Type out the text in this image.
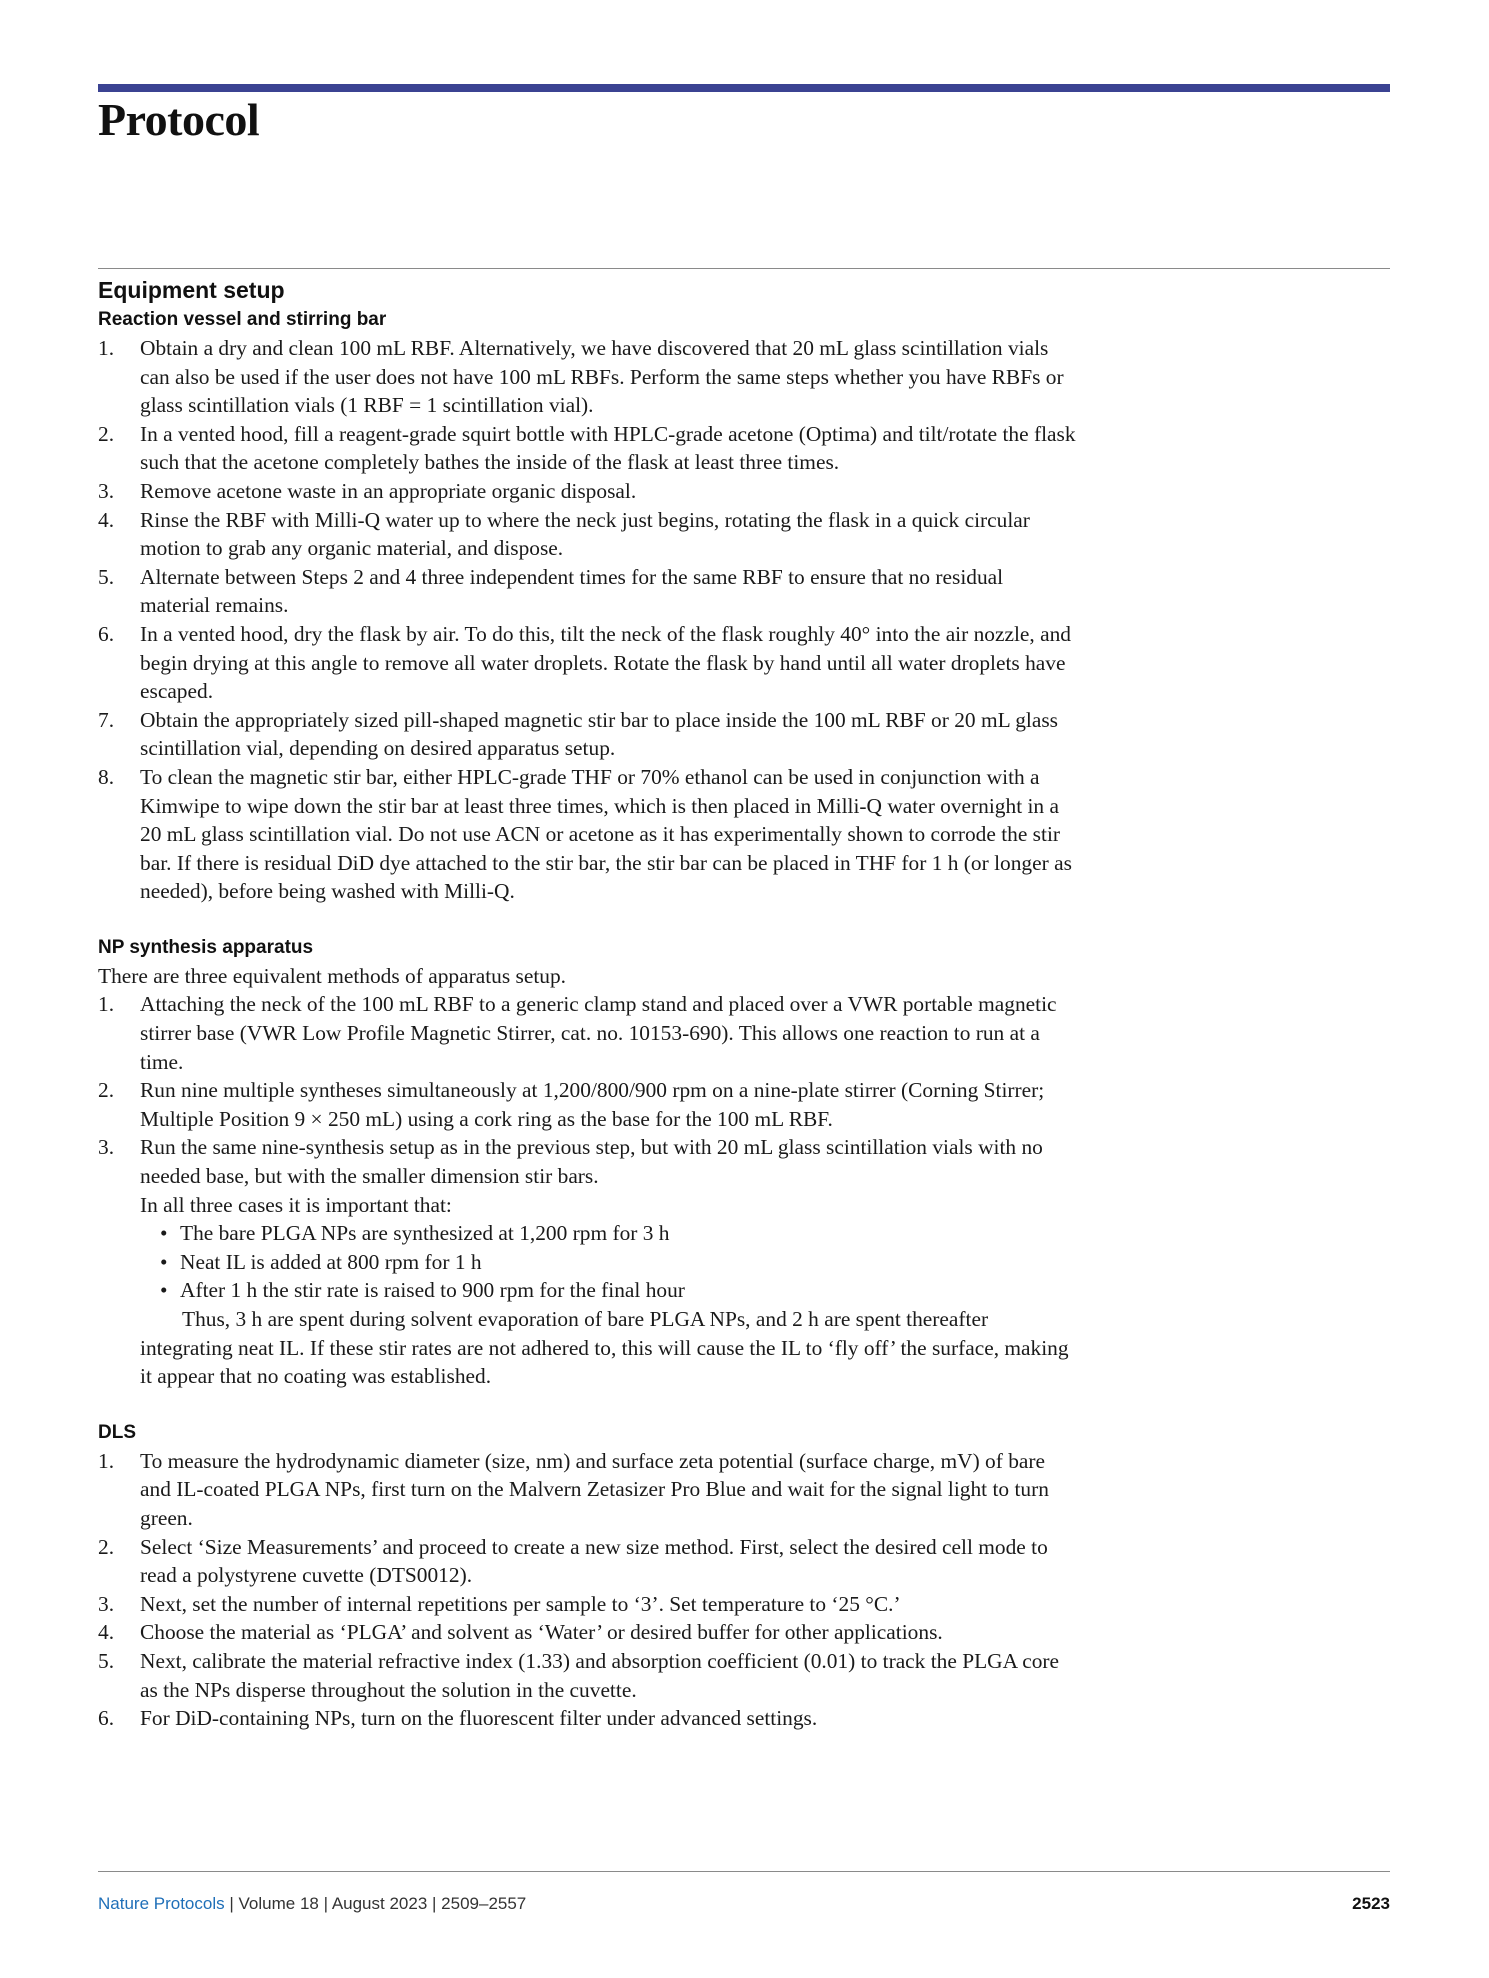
Protocol
Equipment setup
Reaction vessel and stirring bar
1. Obtain a dry and clean 100 mL RBF. Alternatively, we have discovered that 20 mL glass scintillation vials can also be used if the user does not have 100 mL RBFs. Perform the same steps whether you have RBFs or glass scintillation vials (1 RBF = 1 scintillation vial).
2. In a vented hood, fill a reagent-grade squirt bottle with HPLC-grade acetone (Optima) and tilt/rotate the flask such that the acetone completely bathes the inside of the flask at least three times.
3. Remove acetone waste in an appropriate organic disposal.
4. Rinse the RBF with Milli-Q water up to where the neck just begins, rotating the flask in a quick circular motion to grab any organic material, and dispose.
5. Alternate between Steps 2 and 4 three independent times for the same RBF to ensure that no residual material remains.
6. In a vented hood, dry the flask by air. To do this, tilt the neck of the flask roughly 40° into the air nozzle, and begin drying at this angle to remove all water droplets. Rotate the flask by hand until all water droplets have escaped.
7. Obtain the appropriately sized pill-shaped magnetic stir bar to place inside the 100 mL RBF or 20 mL glass scintillation vial, depending on desired apparatus setup.
8. To clean the magnetic stir bar, either HPLC-grade THF or 70% ethanol can be used in conjunction with a Kimwipe to wipe down the stir bar at least three times, which is then placed in Milli-Q water overnight in a 20 mL glass scintillation vial. Do not use ACN or acetone as it has experimentally shown to corrode the stir bar. If there is residual DiD dye attached to the stir bar, the stir bar can be placed in THF for 1 h (or longer as needed), before being washed with Milli-Q.
NP synthesis apparatus

There are three equivalent methods of apparatus setup.

1. Attaching the neck of the 100 mL RBF to a generic clamp stand and placed over a VWR portable magnetic stirrer base (VWR Low Profile Magnetic Stirrer, cat. no. 10153-690). This allows one reaction to run at a time.
2. Run nine multiple syntheses simultaneously at 1,200/800/900 rpm on a nine-plate stirrer (Corning Stirrer; Multiple Position 9 × 250 mL) using a cork ring as the base for the 100 mL RBF.
3. Run the same nine-synthesis setup as in the previous step, but with 20 mL glass scintillation vials with no needed base, but with the smaller dimension stir bars.

In all three cases it is important that:

• The bare PLGA NPs are synthesized at 1,200 rpm for 3 h
• Neat IL is added at 800 rpm for 1 h
• After 1 h the stir rate is raised to 900 rpm for the final hour

Thus, 3 h are spent during solvent evaporation of bare PLGA NPs, and 2 h are spent thereafter integrating neat IL. If these stir rates are not adhered to, this will cause the IL to ‘fly off’ the surface, making it appear that no coating was established.

DLS
1. To measure the hydrodynamic diameter (size, nm) and surface zeta potential (surface charge, mV) of bare and IL-coated PLGA NPs, first turn on the Malvern Zetasizer Pro Blue and wait for the signal light to turn green.
2. Select ‘Size Measurements’ and proceed to create a new size method. First, select the desired cell mode to read a polystyrene cuvette (DTS0012).
3. Next, set the number of internal repetitions per sample to ‘3’. Set temperature to ‘25 °C.’
4. Choose the material as ‘PLGA’ and solvent as ‘Water’ or desired buffer for other applications.
5. Next, calibrate the material refractive index (1.33) and absorption coefficient (0.01) to track the PLGA core as the NPs disperse throughout the solution in the cuvette.
6. For DiD-containing NPs, turn on the fluorescent filter under advanced settings.
Nature Protocols | Volume 18 | August 2023 | 2509–2557	2523
